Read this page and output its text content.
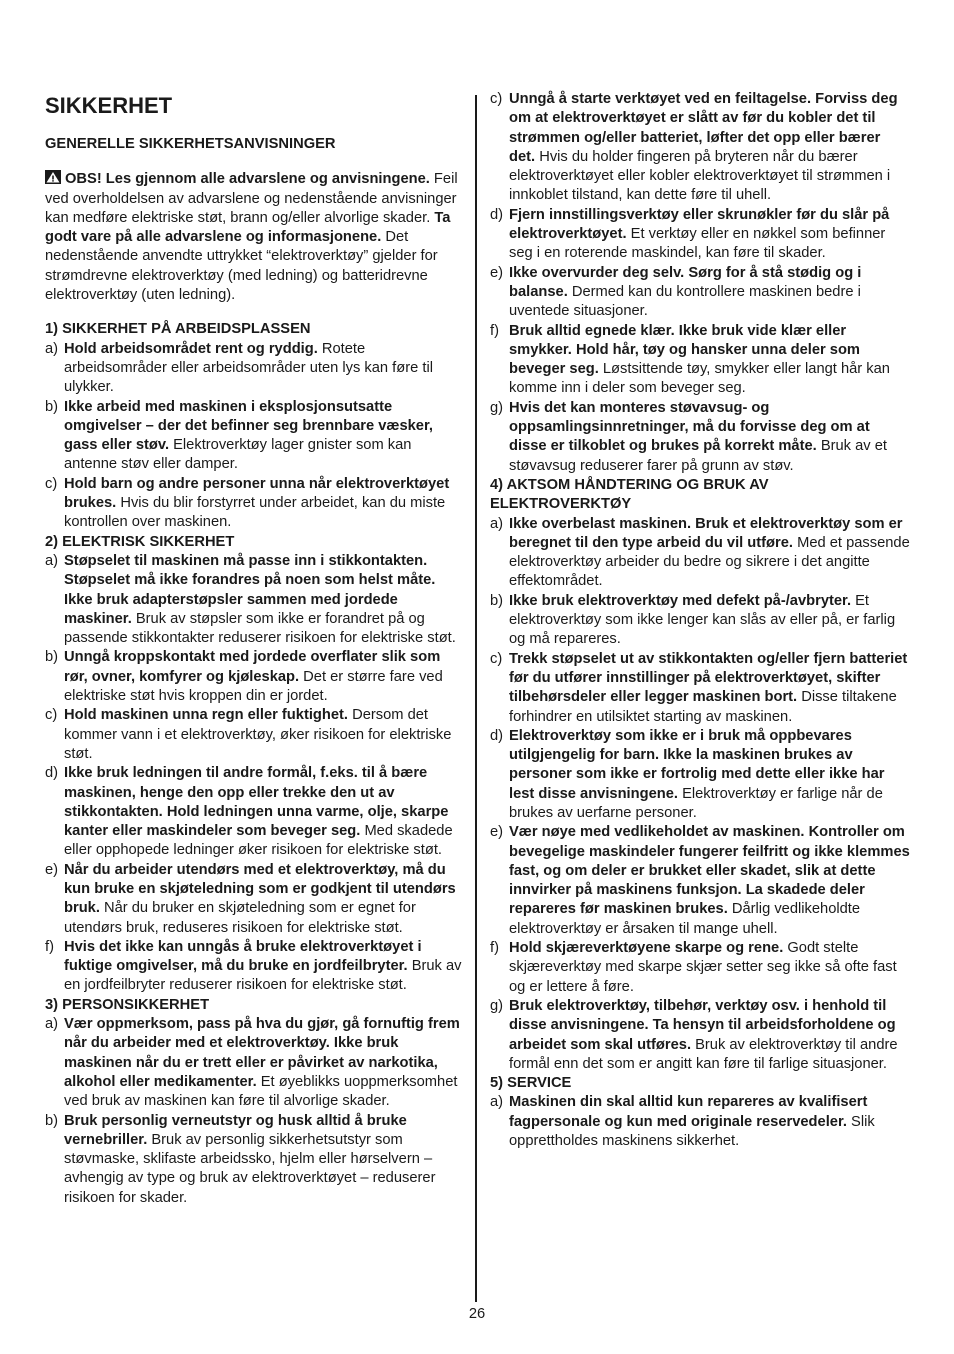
SIKKERHET
GENERELLE SIKKERHETSANVISNINGER
OBS! Les gjennom alle advarslene og anvisningene. Feil ved overholdelsen av advarslene og nedenstående anvisninger kan medføre elektriske støt, brann og/eller alvorlige skader. Ta godt vare på alle advarslene og informasjonene. Det nedenstående anvendte uttrykket “elektroverktøy” gjelder for strømdrevne elektroverktøy (med ledning) og batteridrevne elektroverktøy (uten ledning).
1) SIKKERHET PÅ ARBEIDSPLASSEN
a) Hold arbeidsområdet rent og ryddig. Rotete arbeidsområder eller arbeidsområder uten lys kan føre til ulykker.
b) Ikke arbeid med maskinen i eksplosjonsutsatte omgivelser – der det befinner seg brennbare væsker, gass eller støv. Elektroverktøy lager gnister som kan antenne støv eller damper.
c) Hold barn og andre personer unna når elektroverktøyet brukes. Hvis du blir forstyrret under arbeidet, kan du miste kontrollen over maskinen.
2) ELEKTRISK SIKKERHET
a) Støpselet til maskinen må passe inn i stikkontakten. Støpselet må ikke forandres på noen som helst måte. Ikke bruk adapterstøpsler sammen med jordede maskiner. Bruk av støpsler som ikke er forandret på og passende stikkontakter reduserer risikoen for elektriske støt.
b) Unngå kroppskontakt med jordede overflater slik som rør, ovner, komfyrer og kjøleskap. Det er større fare ved elektriske støt hvis kroppen din er jordet.
c) Hold maskinen unna regn eller fuktighet. Dersom det kommer vann i et elektroverktøy, øker risikoen for elektriske støt.
d) Ikke bruk ledningen til andre formål, f.eks. til å bære maskinen, henge den opp eller trekke den ut av stikkontakten. Hold ledningen unna varme, olje, skarpe kanter eller maskindeler som beveger seg. Med skadede eller opphopede ledninger øker risikoen for elektriske støt.
e) Når du arbeider utendørs med et elektroverktøy, må du kun bruke en skjøteledning som er godkjent til utendørs bruk. Når du bruker en skjøteledning som er egnet for utendørs bruk, reduseres risikoen for elektriske støt.
f) Hvis det ikke kan unngås å bruke elektroverktøyet i fuktige omgivelser, må du bruke en jordfeilbryter. Bruk av en jordfeilbryter reduserer risikoen for elektriske støt.
3) PERSONSIKKERHET
a) Vær oppmerksom, pass på hva du gjør, gå fornuftig frem når du arbeider med et elektroverktøy. Ikke bruk maskinen når du er trett eller er påvirket av narkotika, alkohol eller medikamenter. Et øyeblikks uoppmerksomhet ved bruk av maskinen kan føre til alvorlige skader.
b) Bruk personlig verneutstyr og husk alltid å bruke vernebriller. Bruk av personlig sikkerhetsutstyr som støvmaske, sklifaste arbeidssko, hjelm eller hørselvern – avhengig av type og bruk av elektroverktøyet – reduserer risikoen for skader.
c) Unngå å starte verktøyet ved en feiltagelse. Forviss deg om at elektroverktøyet er slått av før du kobler det til strømmen og/eller batteriet, løfter det opp eller bærer det. Hvis du holder fingeren på bryteren når du bærer elektroverktøyet eller kobler elektroverktøyet til strømmen i innkoblet tilstand, kan dette føre til uhell.
d) Fjern innstillingsverktøy eller skrunøkler før du slår på elektroverktøyet. Et verktøy eller en nøkkel som befinner seg i en roterende maskindel, kan føre til skader.
e) Ikke overvurder deg selv. Sørg for å stå stødig og i balanse. Dermed kan du kontrollere maskinen bedre i uventede situasjoner.
f) Bruk alltid egnede klær. Ikke bruk vide klær eller smykker. Hold hår, tøy og hansker unna deler som beveger seg. Løstsittende tøy, smykker eller langt hår kan komme inn i deler som beveger seg.
g) Hvis det kan monteres støvavsug- og oppsamlingsinnretninger, må du forvisse deg om at disse er tilkoblet og brukes på korrekt måte. Bruk av et støvavsug reduserer farer på grunn av støv.
4) AKTSOM HÅNDTERING OG BRUK AV ELEKTROVERKTØY
a) Ikke overbelast maskinen. Bruk et elektroverktøy som er beregnet til den type arbeid du vil utføre. Med et passende elektroverktøy arbeider du bedre og sikrere i det angitte effektområdet.
b) Ikke bruk elektroverktøy med defekt på-/avbryter. Et elektroverktøy som ikke lenger kan slås av eller på, er farlig og må repareres.
c) Trekk støpselet ut av stikkontakten og/eller fjern batteriet før du utfører innstillinger på elektroverktøyet, skifter tilbehørsdeler eller legger maskinen bort. Disse tiltakene forhindrer en utilsiktet starting av maskinen.
d) Elektroverktøy som ikke er i bruk må oppbevares utilgjengelig for barn. Ikke la maskinen brukes av personer som ikke er fortrolig med dette eller ikke har lest disse anvisningene. Elektroverktøy er farlige når de brukes av uerfarne personer.
e) Vær nøye med vedlikeholdet av maskinen. Kontroller om bevegelige maskindeler fungerer feilfritt og ikke klemmes fast, og om deler er brukket eller skadet, slik at dette innvirker på maskinens funksjon. La skadede deler repareres før maskinen brukes. Dårlig vedlikeholdte elektroverktøy er årsaken til mange uhell.
f) Hold skjæreverktøyene skarpe og rene. Godt stelte skjæreverktøy med skarpe skjær setter seg ikke så ofte fast og er lettere å føre.
g) Bruk elektroverktøy, tilbehør, verktøy osv. i henhold til disse anvisningene. Ta hensyn til arbeidsforholdene og arbeidet som skal utføres. Bruk av elektroverktøy til andre formål enn det som er angitt kan føre til farlige situasjoner.
5) SERVICE
a) Maskinen din skal alltid kun repareres av kvalifisert fagpersonale og kun med originale reservedeler. Slik opprettholdes maskinens sikkerhet.
26
